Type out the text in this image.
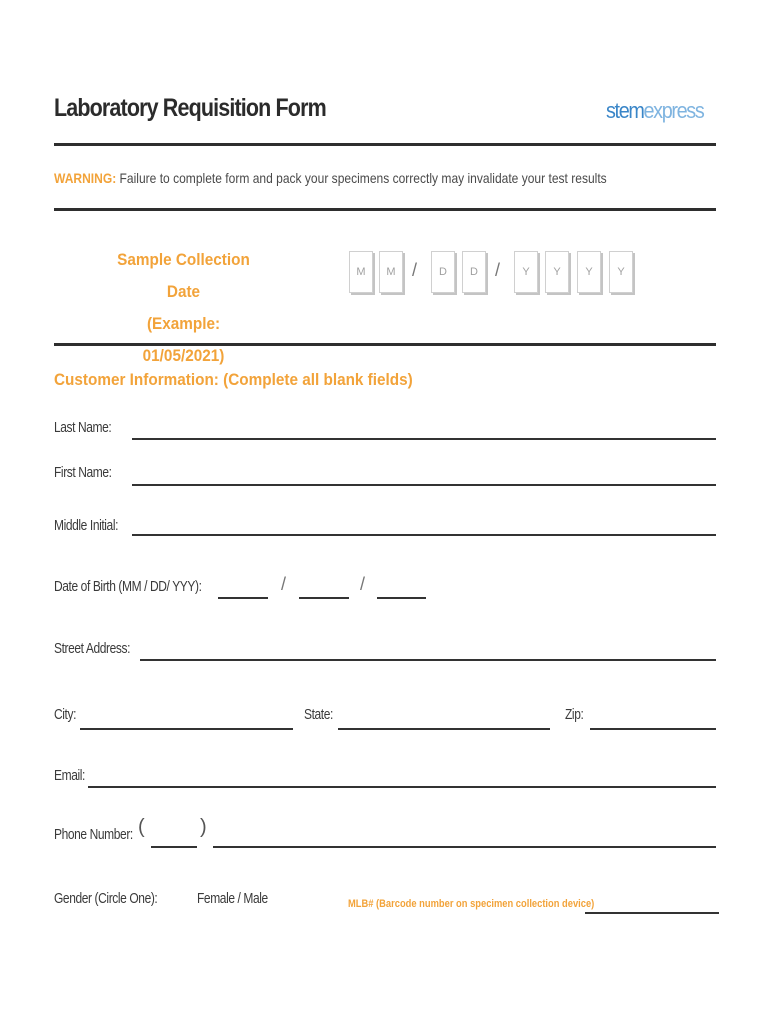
Laboratory Requisition Form	stemexpress
WARNING: Failure to complete form and pack your specimens correctly may invalidate your test results
Sample Collection Date
(Example: 01/05/2021)
M	M /	D	D /	Y	Y	Y	Y
Customer Information: (Complete all blank fields)
Last Name:
First Name:
Middle Initial:
Date of Birth (MM / DD/ YYY):	/	/
Street Address:
City:	State:	Zip:
Email:
Phone Number: (	)
Gender (Circle One):	Female / Male	MLB# (Barcode number on specimen collection device)
